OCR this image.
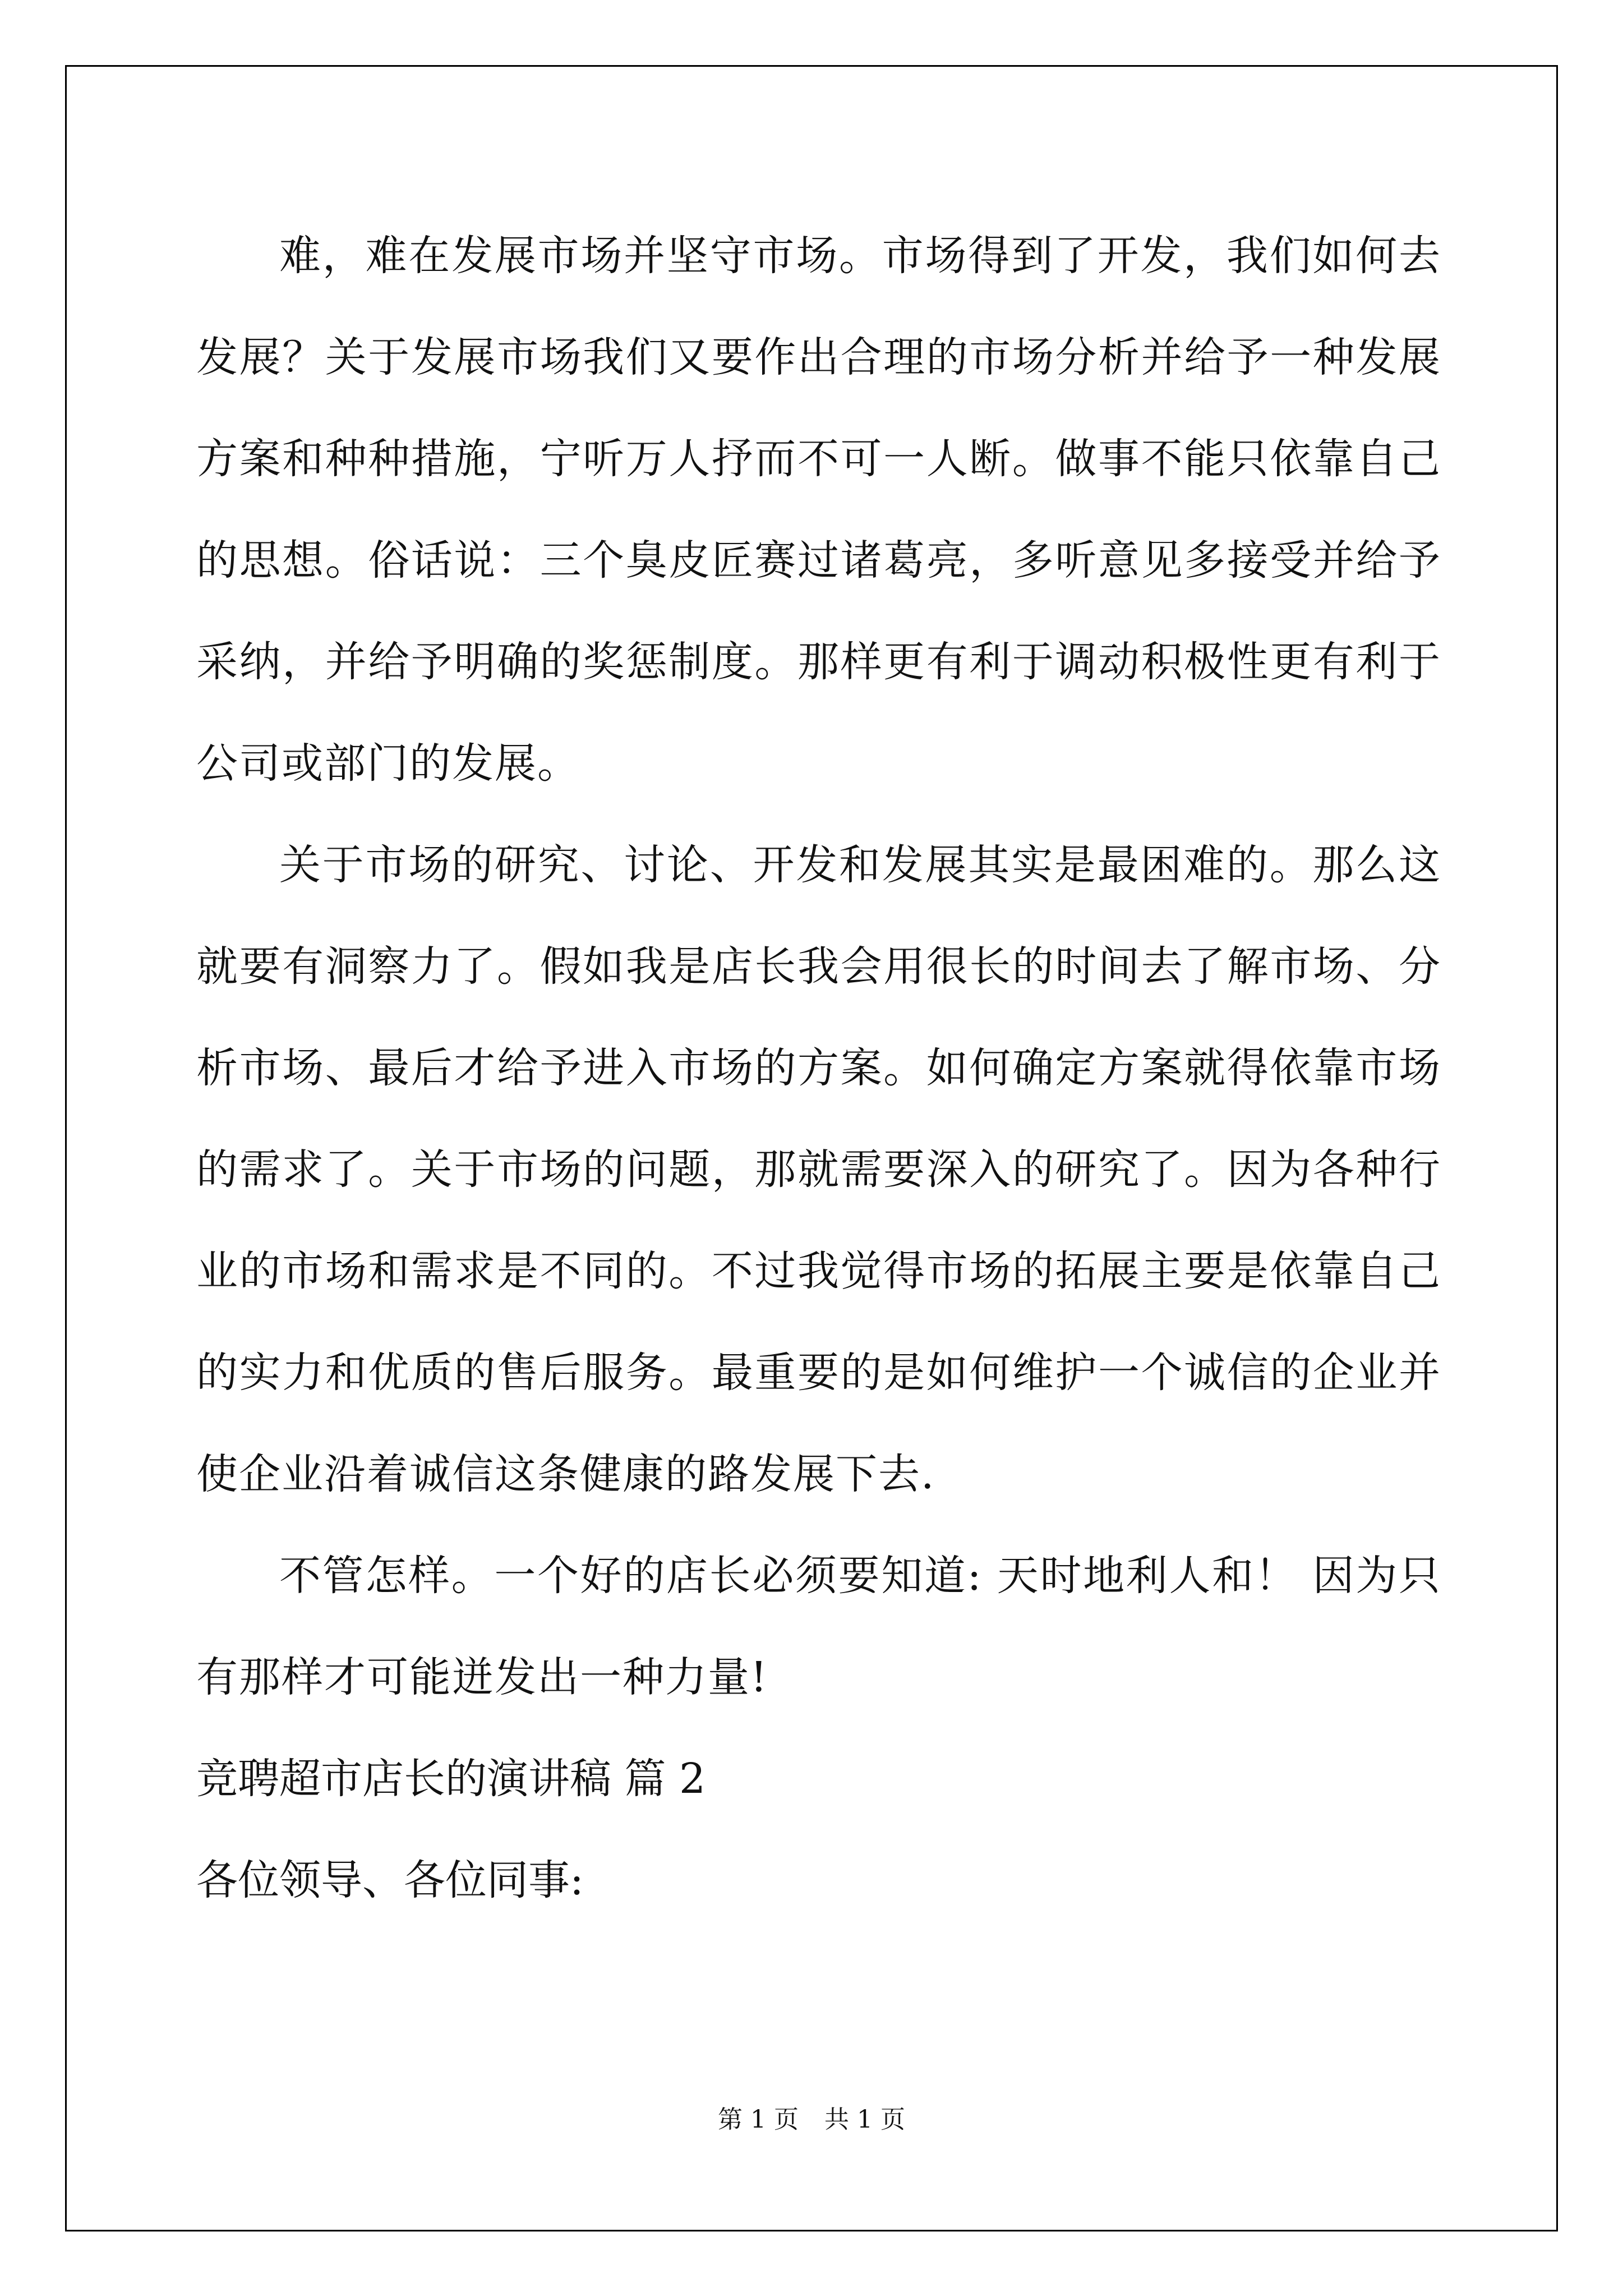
难，难在发展市场并坚守市场。市场得到了开发，我们如何去发展？关于发展市场我们又要作出合理的市场分析并给予一种发展方案和种种措施，宁听万人抒而不可一人断。做事不能只依靠自己的思想。俗话说：三个臭皮匠赛过诸葛亮，多听意见多接受并给予采纳，并给予明确的奖惩制度。那样更有利于调动积极性更有利于公司或部门的发展。

关于市场的研究、讨论、开发和发展其实是最困难的。那么这就要有洞察力了。假如我是店长我会用很长的时间去了解市场、分析市场、最后才给予进入市场的方案。如何确定方案就得依靠市场的需求了。关于市场的问题，那就需要深入的研究了。因为各种行业的市场和需求是不同的。不过我觉得市场的拓展主要是依靠自己的实力和优质的售后服务。最重要的是如何维护一个诚信的企业并使企业沿着诚信这条健康的路发展下去.

不管怎样。一个好的店长必须要知道: 天时地利人和！ 因为只有那样才可能迸发出一种力量!

竞聘超市店长的演讲稿 篇 2

各位领导、各位同事:

第 1 页 共 1 页
